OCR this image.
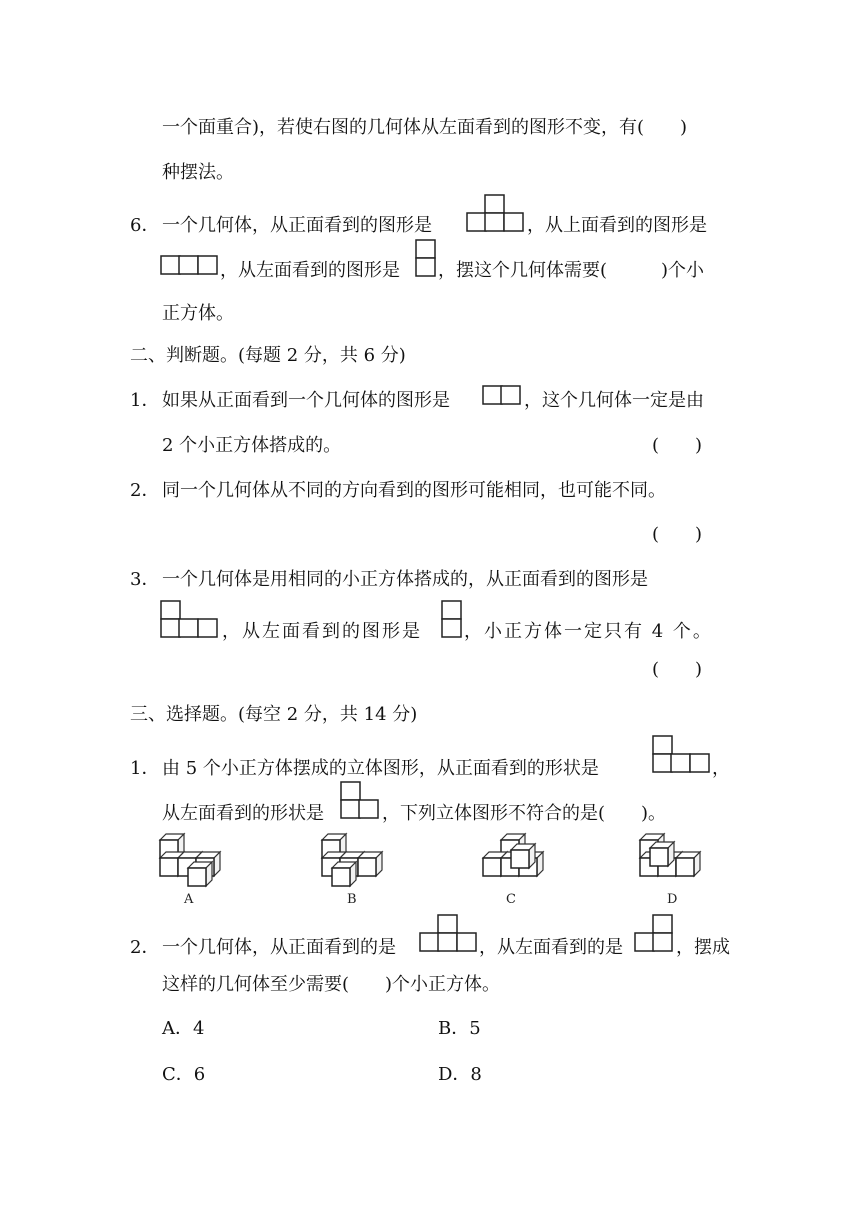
一个面重合)，若使右图的几何体从左面看到的图形不变，有(　　)
种摆法。
6． 一个几何体，从正面看到的图形是	，从上面看到的图形是
，从左面看到的图形是 ，摆这个几何体需要(　　　)个小
正方体。
二、判断题。(每题 2 分，共 6 分)
1． 如果从正面看到一个几何体的图形是	，这个几何体一定是由
2 个小正方体搭成的。	(　　)
2． 同一个几何体从不同的方向看到的图形可能相同，也可能不同。
(　　)
3． 一个几何体是用相同的小正方体搭成的，从正面看到的图形是
，从左面看到的图形是 ，小正方体一定只有 4 个。
(　　)
三、选择题。(每空 2 分，共 14 分)
1． 由 5 个小正方体摆成的立体图形，从正面看到的形状是	，
从左面看到的形状是	，下列立体图形不符合的是(　　)。
A	B	C	D
2． 一个几何体，从正面看到的是	，从左面看到的是	，摆成
这样的几何体至少需要(　　)个小正方体。
A．4	B．5
C．6	D．8
